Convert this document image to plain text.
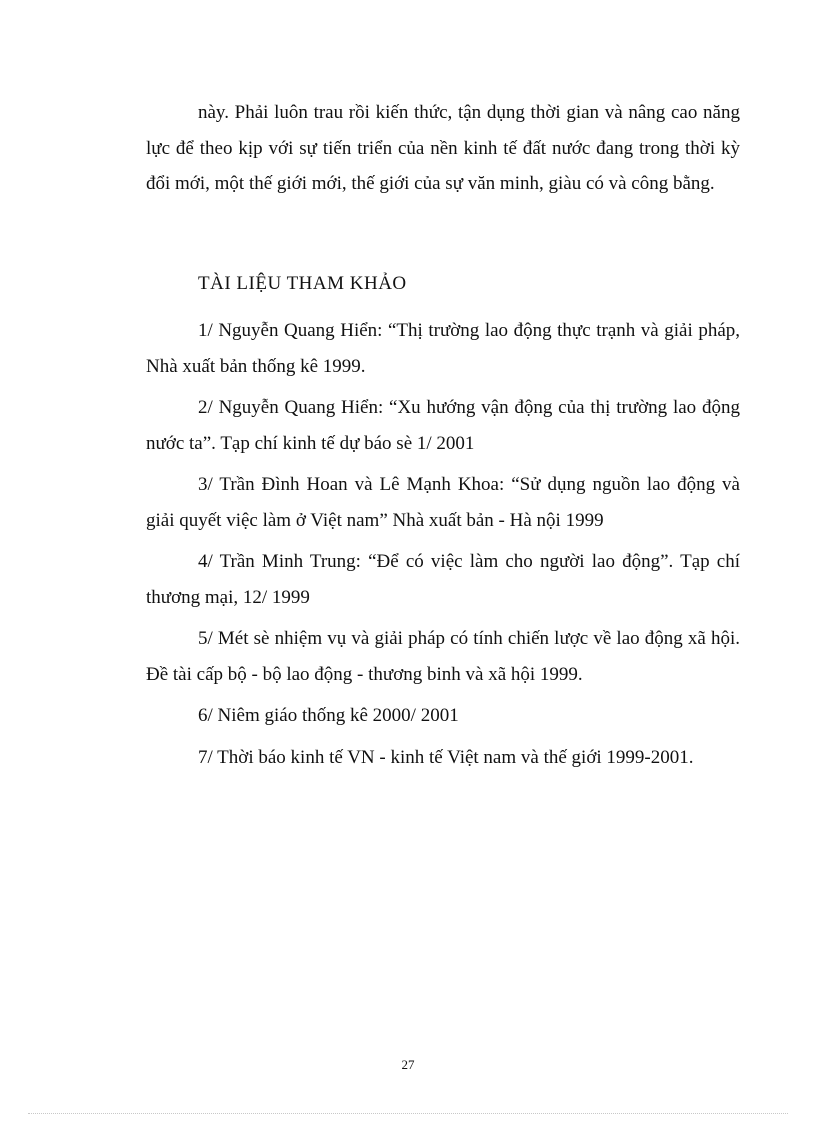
này. Phải luôn trau rồi kiến thức, tận dụng thời gian và nâng cao năng lực để theo kịp với sự tiến triển của nền kinh tế đất nước đang trong thời kỳ đổi mới, một thế giới mới, thế giới của sự văn minh, giàu có và công bằng.

TÀI LIỆU THAM KHẢO

1/ Nguyễn Quang Hiển: “Thị trường lao động thực trạnh và giải pháp, Nhà xuất bản thống kê 1999.

2/ Nguyễn Quang Hiển: “Xu hướng vận động của thị trường lao động nước ta”. Tạp chí kinh tế dự báo sè 1/ 2001

3/ Trần Đình Hoan và Lê Mạnh Khoa: “Sử dụng nguồn lao động và giải quyết việc làm ở Việt nam” Nhà xuất bản - Hà nội 1999

4/ Trần Minh Trung: “Để có việc làm cho người lao động”. Tạp chí thương mại, 12/ 1999

5/ Mét sè nhiệm vụ và giải pháp có tính chiến lược về lao động xã hội. Đề tài cấp bộ - bộ lao động - thương binh và xã hội 1999.

6/ Niêm giáo thống kê 2000/ 2001

7/ Thời báo kinh tế VN - kinh tế Việt nam và thế giới 1999-2001.

27
